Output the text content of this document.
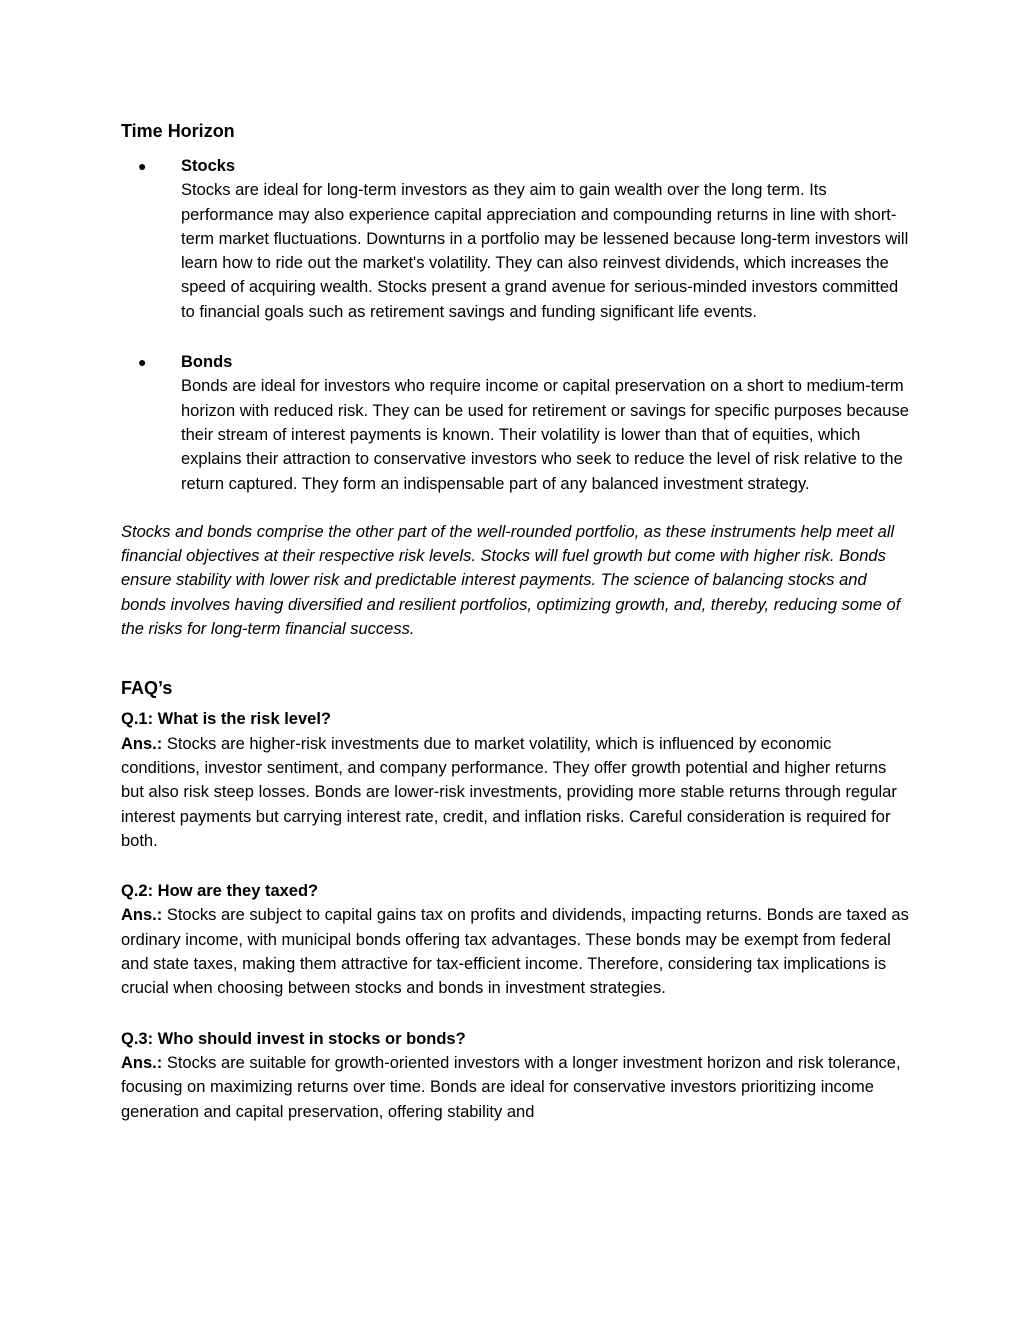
Time Horizon
● Stocks
Stocks are ideal for long-term investors as they aim to gain wealth over the long term. Its performance may also experience capital appreciation and compounding returns in line with short-term market fluctuations. Downturns in a portfolio may be lessened because long-term investors will learn how to ride out the market's volatility. They can also reinvest dividends, which increases the speed of acquiring wealth. Stocks present a grand avenue for serious-minded investors committed to financial goals such as retirement savings and funding significant life events.
● Bonds
Bonds are ideal for investors who require income or capital preservation on a short to medium-term horizon with reduced risk. They can be used for retirement or savings for specific purposes because their stream of interest payments is known. Their volatility is lower than that of equities, which explains their attraction to conservative investors who seek to reduce the level of risk relative to the return captured. They form an indispensable part of any balanced investment strategy.

Stocks and bonds comprise the other part of the well-rounded portfolio, as these instruments help meet all financial objectives at their respective risk levels. Stocks will fuel growth but come with higher risk. Bonds ensure stability with lower risk and predictable interest payments. The science of balancing stocks and bonds involves having diversified and resilient portfolios, optimizing growth, and, thereby, reducing some of the risks for long-term financial success.

FAQ’s
Q.1: What is the risk level?
Ans.: Stocks are higher-risk investments due to market volatility, which is influenced by economic conditions, investor sentiment, and company performance. They offer growth potential and higher returns but also risk steep losses. Bonds are lower-risk investments, providing more stable returns through regular interest payments but carrying interest rate, credit, and inflation risks. Careful consideration is required for both.
Q.2: How are they taxed?
Ans.: Stocks are subject to capital gains tax on profits and dividends, impacting returns. Bonds are taxed as ordinary income, with municipal bonds offering tax advantages. These bonds may be exempt from federal and state taxes, making them attractive for tax-efficient income. Therefore, considering tax implications is crucial when choosing between stocks and bonds in investment strategies.
Q.3: Who should invest in stocks or bonds?
Ans.: Stocks are suitable for growth-oriented investors with a longer investment horizon and risk tolerance, focusing on maximizing returns over time. Bonds are ideal for conservative investors prioritizing income generation and capital preservation, offering stability and
